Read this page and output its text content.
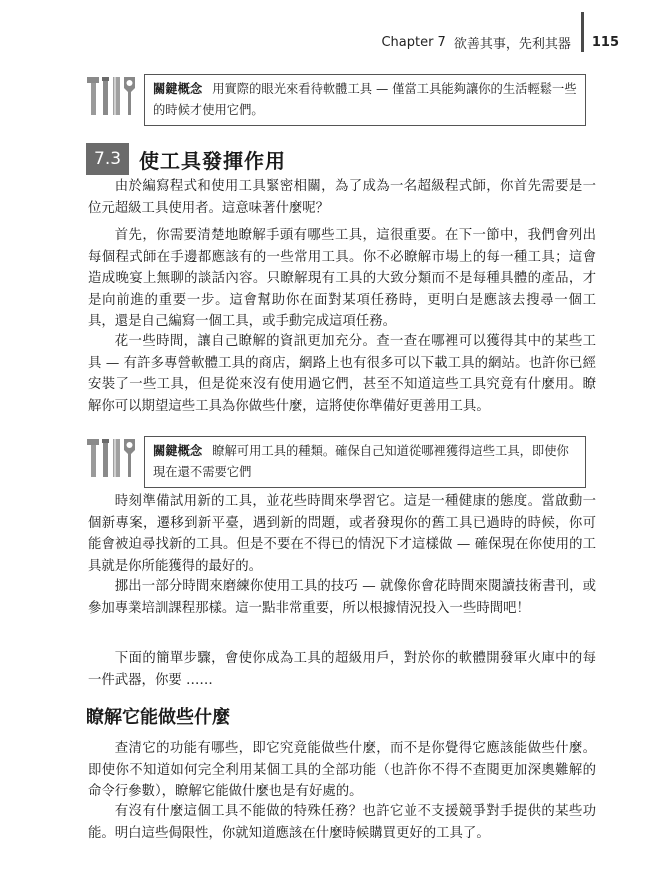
Chapter 7 欲善其事，先利其器 115
關鍵概念 用實際的眼光來看待軟體工具 — 僅當工具能夠讓你的生活輕鬆一些的時候才使用它們。
7.3 使工具發揮作用

由於編寫程式和使用工具緊密相關，為了成為一名超級程式師，你首先需要是一位元超級工具使用者。這意味著什麼呢？

首先，你需要清楚地瞭解手頭有哪些工具，這很重要。在下一節中，我們會列出每個程式師在手邊都應該有的一些常用工具。你不必瞭解市場上的每一種工具；這會造成晚宴上無聊的談話內容。只瞭解現有工具的大致分類而不是每種具體的產品，才是向前進的重要一步。這會幫助你在面對某項任務時，更明白是應該去搜尋一個工具，還是自己編寫一個工具，或手動完成這項任務。

花一些時間，讓自己瞭解的資訊更加充分。查一查在哪裡可以獲得其中的某些工具 — 有許多專營軟體工具的商店，網路上也有很多可以下載工具的網站。也許你已經安裝了一些工具，但是從來沒有使用過它們，甚至不知道這些工具究竟有什麼用。瞭解你可以期望這些工具為你做些什麼，這將使你準備好更善用工具。

關鍵概念 瞭解可用工具的種類。確保自己知道從哪裡獲得這些工具，即使你現在還不需要它們

時刻準備試用新的工具，並花些時間來學習它。這是一種健康的態度。當啟動一個新專案，遷移到新平臺，遇到新的問題，或者發現你的舊工具已過時的時候，你可能會被迫尋找新的工具。但是不要在不得已的情況下才這樣做 — 確保現在你使用的工具就是你所能獲得的最好的。

挪出一部分時間來磨練你使用工具的技巧 — 就像你會花時間來閱讀技術書刊，或參加專業培訓課程那樣。這一點非常重要，所以根據情況投入一些時間吧！

下面的簡單步驟，會使你成為工具的超級用戶，對於你的軟體開發軍火庫中的每一件武器，你要 ……

瞭解它能做些什麼

查清它的功能有哪些，即它究竟能做些什麼，而不是你覺得它應該能做些什麼。即使你不知道如何完全利用某個工具的全部功能（也許你不得不查閱更加深奧難解的命令行參數），瞭解它能做什麼也是有好處的。

有沒有什麼這個工具不能做的特殊任務？也許它並不支援競爭對手提供的某些功能。明白這些侷限性，你就知道應該在什麼時候購買更好的工具了。
